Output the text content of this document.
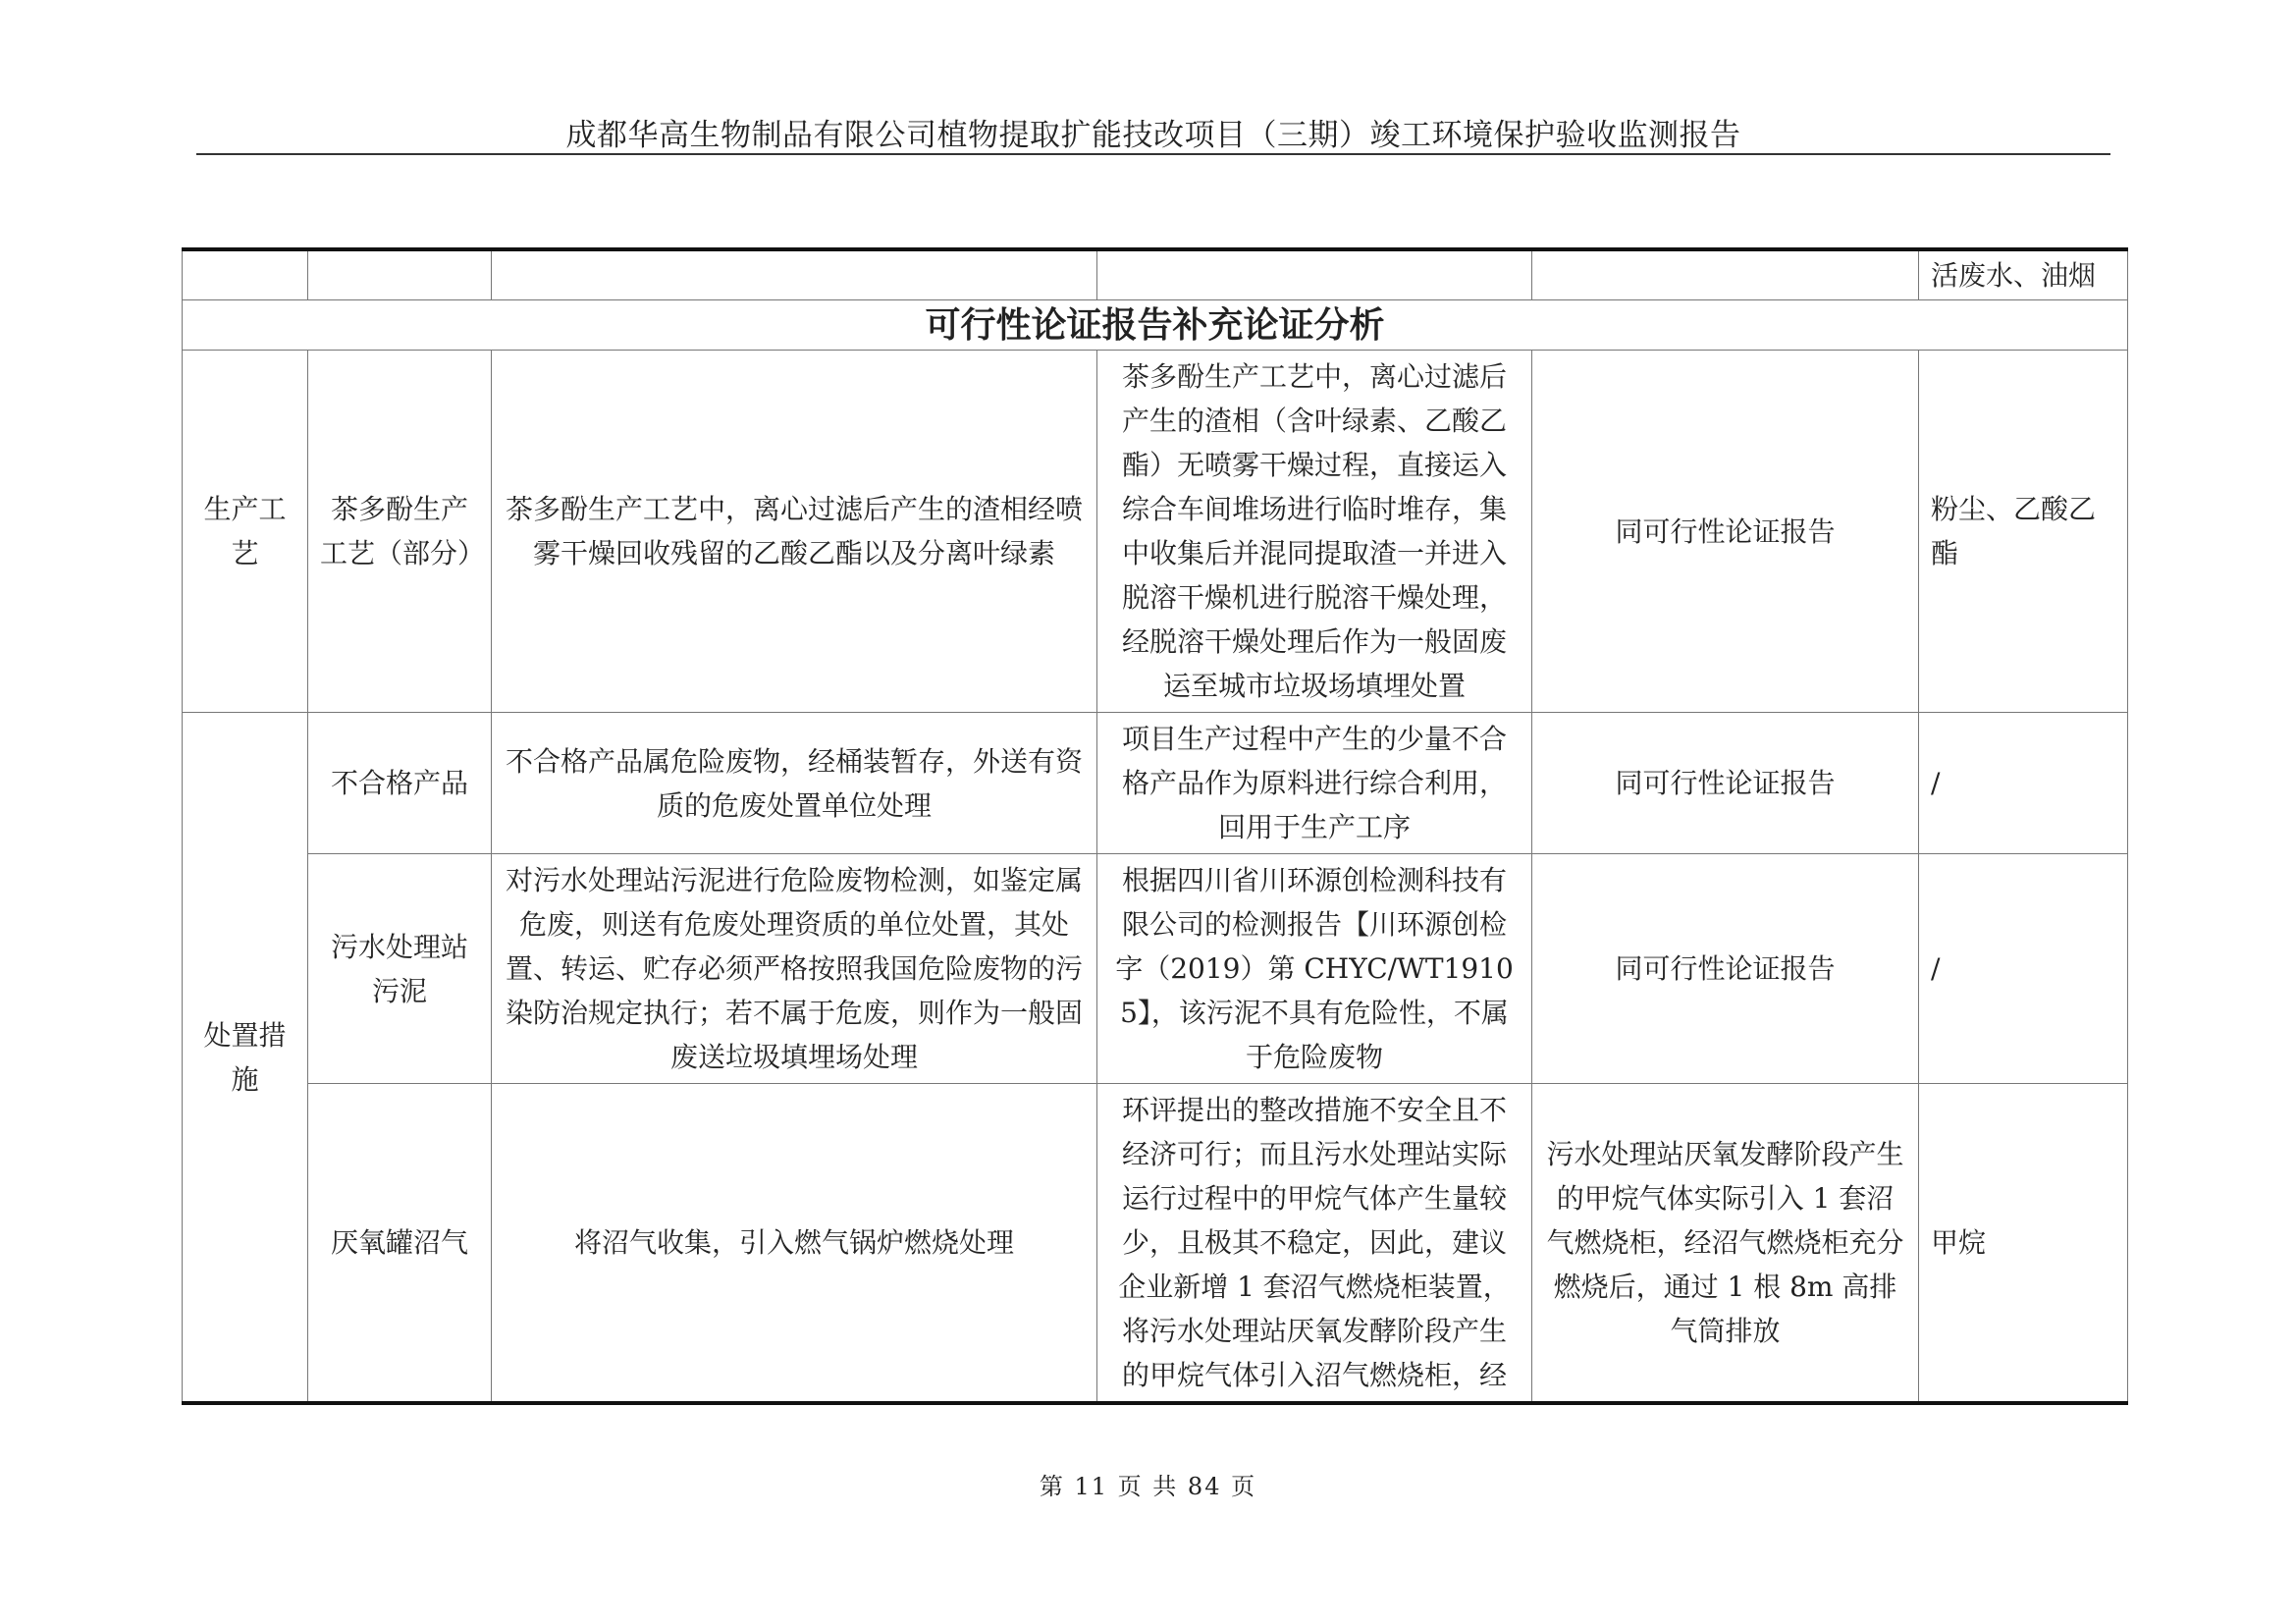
成都华高生物制品有限公司植物提取扩能技改项目（三期）竣工环境保护验收监测报告
					活废水、油烟
可行性论证报告补充论证分析					
生产工艺	茶多酚生产工艺（部分）	茶多酚生产工艺中，离心过滤后产生的渣相经喷雾干燥回收残留的乙酸乙酯以及分离叶绿素	茶多酚生产工艺中，离心过滤后产生的渣相（含叶绿素、乙酸乙酯）无喷雾干燥过程，直接运入综合车间堆场进行临时堆存，集中收集后并混同提取渣一并进入脱溶干燥机进行脱溶干燥处理，经脱溶干燥处理后作为一般固废运至城市垃圾场填埋处置	同可行性论证报告	粉尘、乙酸乙酯
处置措施	不合格产品	不合格产品属危险废物，经桶装暂存，外送有资质的危废处置单位处理	项目生产过程中产生的少量不合格产品作为原料进行综合利用，回用于生产工序	同可行性论证报告	/
	污水处理站污泥	对污水处理站污泥进行危险废物检测，如鉴定属危废，则送有危废处理资质的单位处置，其处置、转运、贮存必须严格按照我国危险废物的污染防治规定执行；若不属于危废，则作为一般固废送垃圾填埋场处理	根据四川省川环源创检测科技有限公司的检测报告【川环源创检字（2019）第 CHYC/WT19105】，该污泥不具有危险性，不属于危险废物	同可行性论证报告	/
	厌氧罐沼气	将沼气收集，引入燃气锅炉燃烧处理	环评提出的整改措施不安全且不经济可行；而且污水处理站实际运行过程中的甲烷气体产生量较少，且极其不稳定，因此，建议企业新增 1 套沼气燃烧柜装置，将污水处理站厌氧发酵阶段产生的甲烷气体引入沼气燃烧柜，经	污水处理站厌氧发酵阶段产生的甲烷气体实际引入 1 套沼气燃烧柜，经沼气燃烧柜充分燃烧后，通过 1 根 8m 高排气筒排放	甲烷
第 11 页 共 84 页
